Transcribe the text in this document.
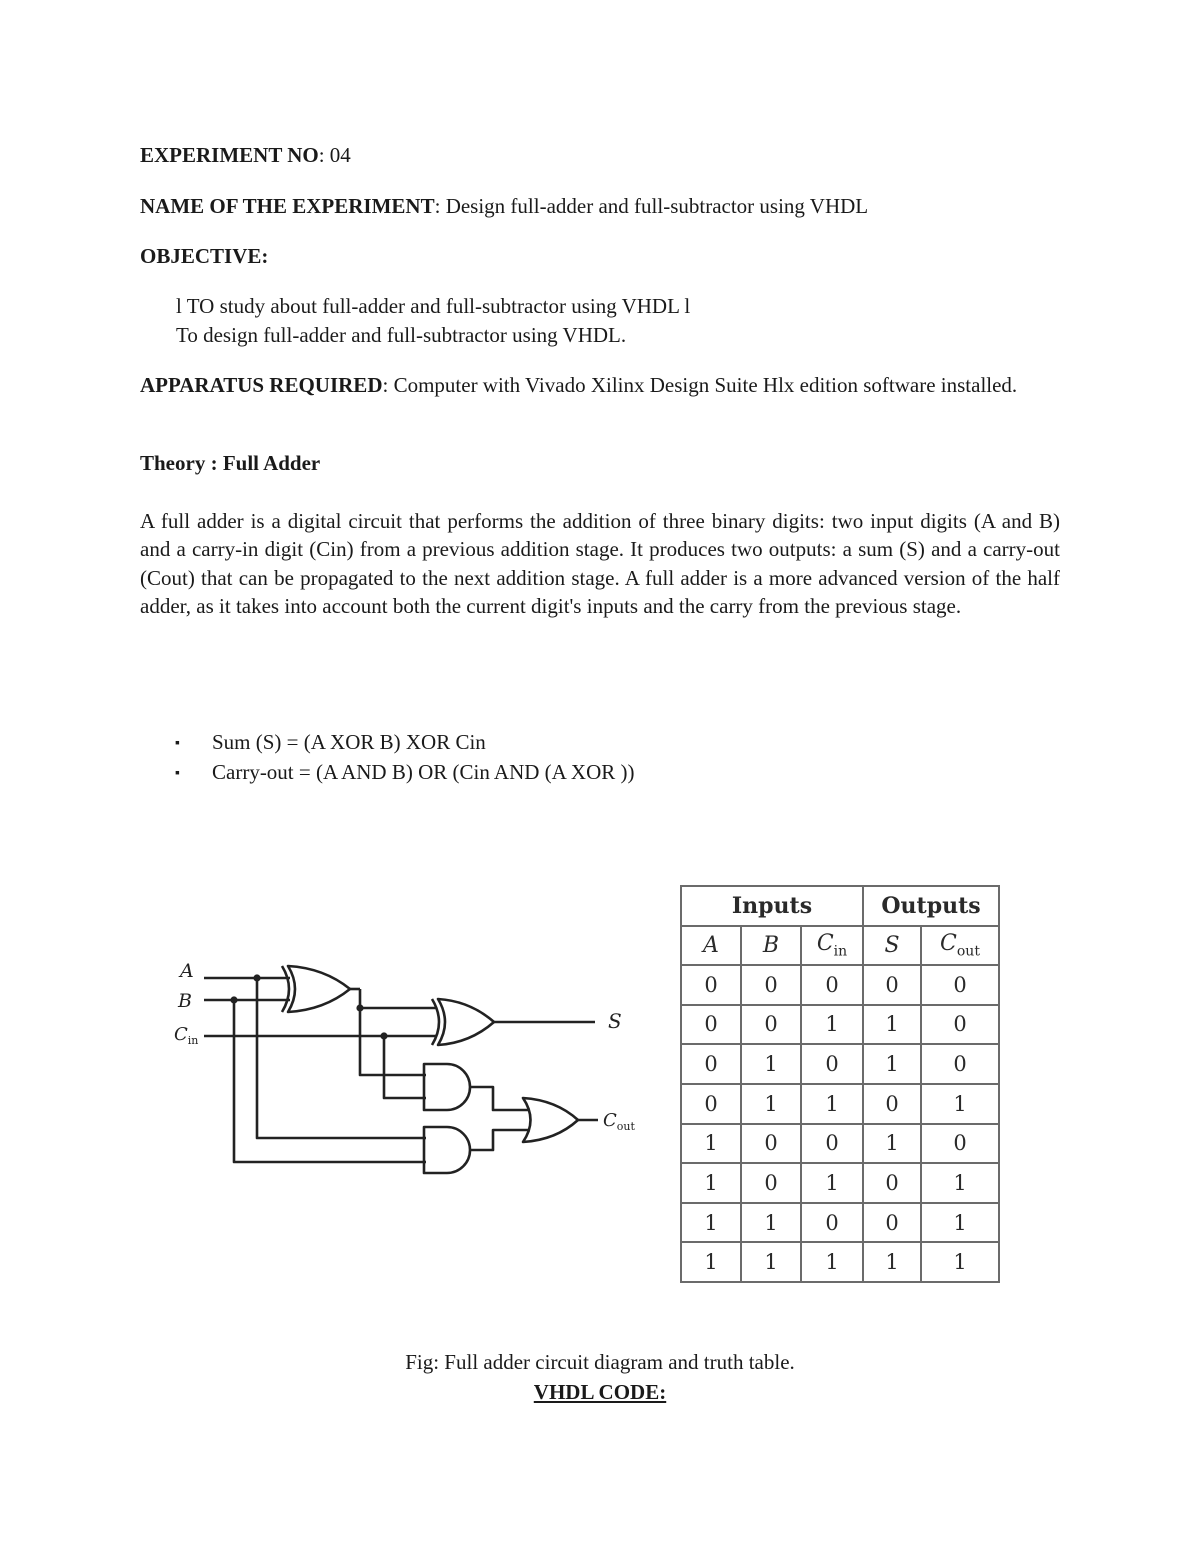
EXPERIMENT NO: 04
NAME OF THE EXPERIMENT: Design full-adder and full-subtractor using VHDL
OBJECTIVE:
l TO study about full-adder and full-subtractor using VHDL l
To design full-adder and full-subtractor using VHDL.
APPARATUS REQUIRED: Computer with Vivado Xilinx Design Suite Hlx edition software installed.
Theory : Full Adder
A full adder is a digital circuit that performs the addition of three binary digits: two input digits (A and B) and a carry-in digit (Cin) from a previous addition stage. It produces two outputs: a sum (S) and a carry-out (Cout) that can be propagated to the next addition stage. A full adder is a more advanced version of the half adder, as it takes into account both the current digit's inputs and the carry from the previous stage.
▪ Sum (S) = (A XOR B) XOR Cin
▪ Carry-out = (A AND B) OR (Cin AND (A XOR ))
A
B
$C_{in}$
S
$C_{out}$
Inputs			Outputs	
A	B	$C_{in}$	S	$C_{out}$
0	0	0	0	0
0	0	1	1	0
0	1	0	1	0
0	1	1	0	1
1	0	0	1	0
1	0	1	0	1
1	1	0	0	1
1	1	1	1	1
Fig: Full adder circuit diagram and truth table.
VHDL CODE:
